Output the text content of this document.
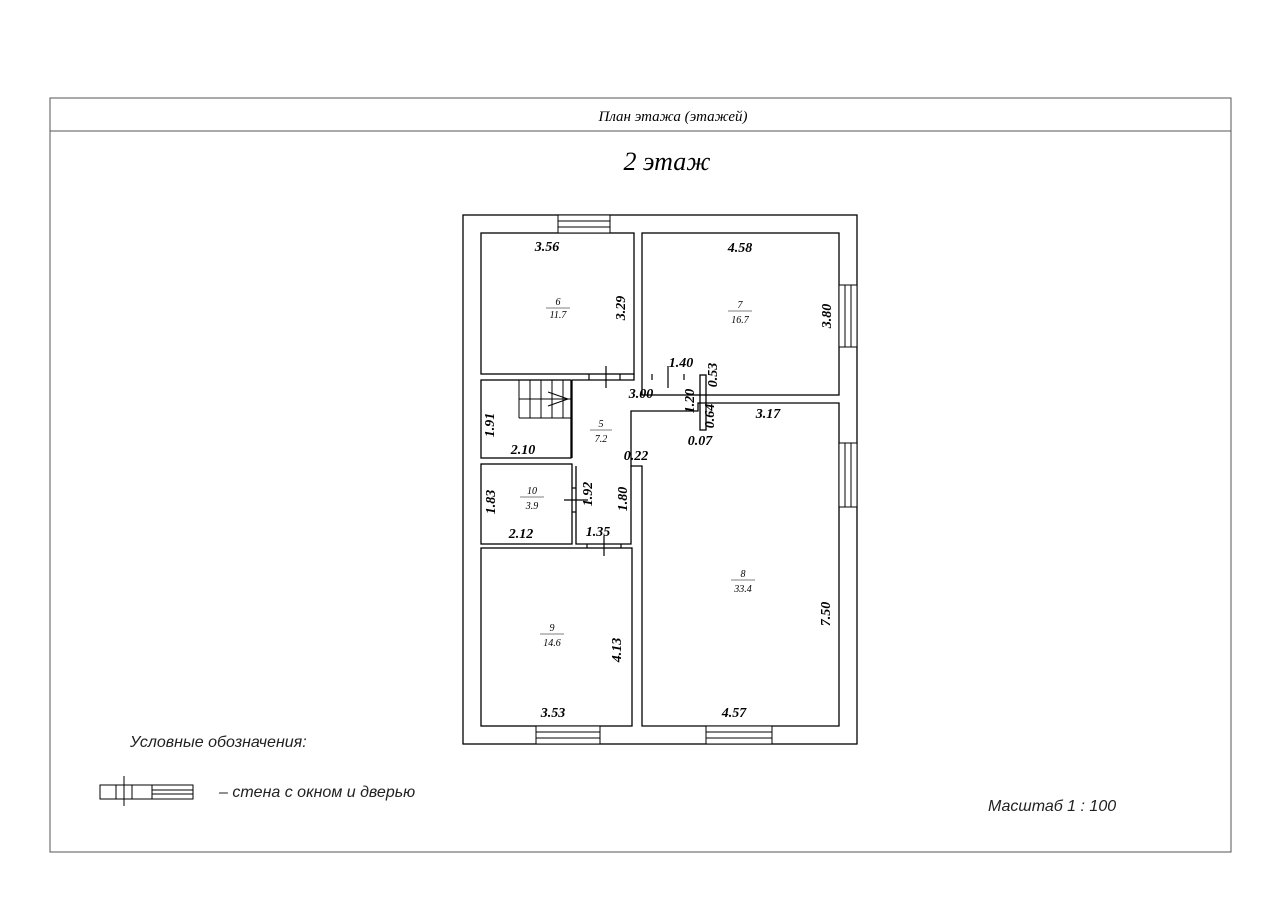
План этажа (этажей)
2 этаж
6
11.7
7
16.7
5
7.2
10
3.9
9
14.6
8
33.4
3.56
3.29
4.58
3.80
1.40 0.53
3.00 1.20
0.64	3.17
0.07
1.91
2.10	0.22
1.83	1.92 1.80
2.12	1.35
4.13
3.53	4.57
7.50
Условные обозначения:
– стена с окном и дверью
Масштаб 1 : 100
